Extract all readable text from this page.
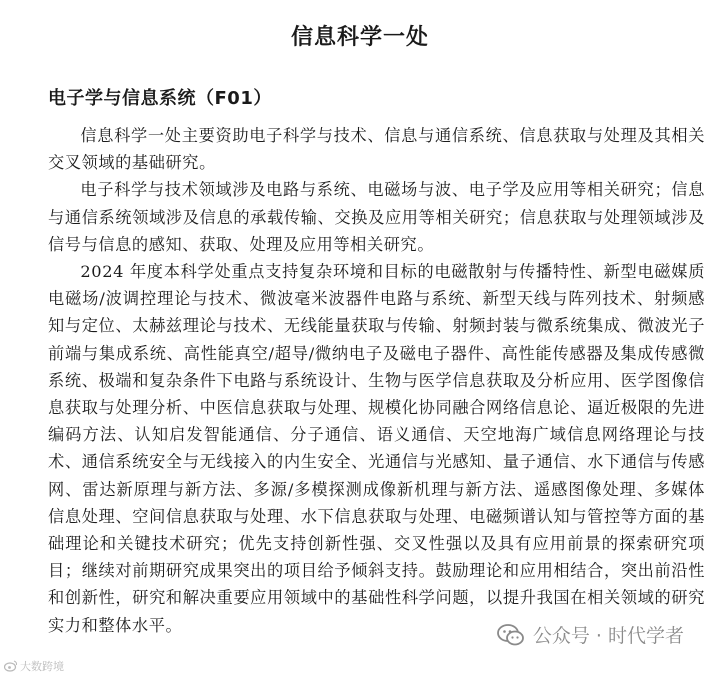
信息科学一处
电子学与信息系统（F01）

信息科学一处主要资助电子科学与技术、信息与通信系统、信息获取与处理及其相关交叉领域的基础研究。

电子科学与技术领域涉及电路与系统、电磁场与波、电子学及应用等相关研究；信息与通信系统领域涉及信息的承载传输、交换及应用等相关研究；信息获取与处理领域涉及信号与信息的感知、获取、处理及应用等相关研究。

2024 年度本科学处重点支持复杂环境和目标的电磁散射与传播特性、新型电磁媒质电磁场/波调控理论与技术、微波毫米波器件电路与系统、新型天线与阵列技术、射频感知与定位、太赫兹理论与技术、无线能量获取与传输、射频封装与微系统集成、微波光子前端与集成系统、高性能真空/超导/微纳电子及磁电子器件、高性能传感器及集成传感微系统、极端和复杂条件下电路与系统设计、生物与医学信息获取及分析应用、医学图像信息获取与处理分析、中医信息获取与处理、规模化协同融合网络信息论、逼近极限的先进编码方法、认知启发智能通信、分子通信、语义通信、天空地海广域信息网络理论与技术、通信系统安全与无线接入的内生安全、光通信与光感知、量子通信、水下通信与传感网、雷达新原理与新方法、多源/多模探测成像新机理与新方法、遥感图像处理、多媒体信息处理、空间信息获取与处理、水下信息获取与处理、电磁频谱认知与管控等方面的基础理论和关键技术研究；优先支持创新性强、交叉性强以及具有应用前景的探索研究项目；继续对前期研究成果突出的项目给予倾斜支持。鼓励理论和应用相结合，突出前沿性和创新性，研究和解决重要应用领域中的基础性科学问题，以提升我国在相关领域的研究实力和整体水平。	公众号 · 时代学者
大数跨境
